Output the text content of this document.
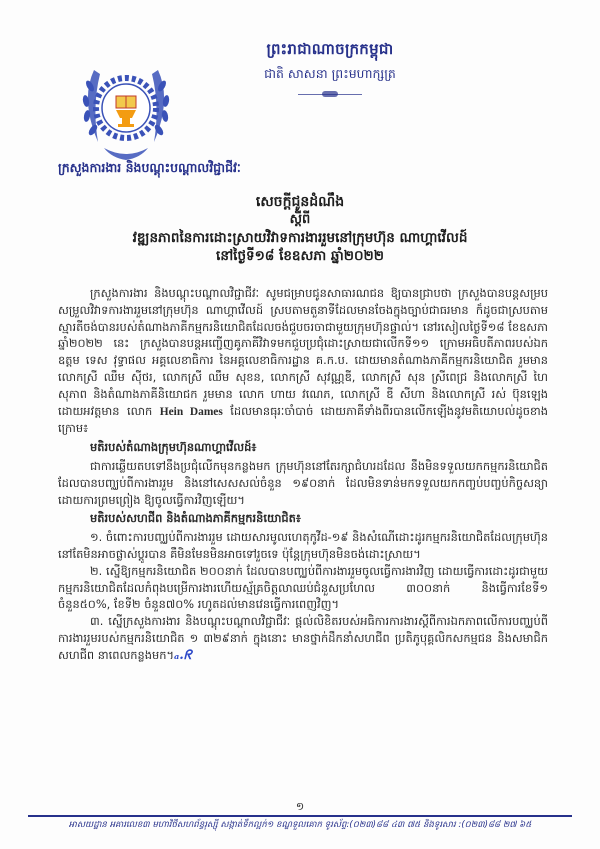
ព្រះរាជាណាចក្រកម្ពុជា
ជាតិ សាសនា ព្រះមហាក្សត្រ
ក្រសួងការងារ និងបណ្តុះបណ្តាលវិជ្ជាជីវៈ
សេចក្តីជូនដំណឹង
ស្តីពី
វឌ្ឍនភាពនៃការដោះស្រាយវិវាទការងាររួមនៅក្រុមហ៊ុន ណាហ្គាវើលដ៍
នៅថ្ងៃទី១៨ ខែឧសភា ឆ្នាំ២០២២

ក្រសួងការងារ និងបណ្តុះបណ្តាលវិជ្ជាជីវៈ សូមជម្រាបជូនសាធារណជន ឱ្យបានជ្រាបថា ក្រសួងបានបន្តសម្របសម្រួលវិវាទការងាររួមនៅក្រុមហ៊ុន ណាហ្គាវើលដ៍ ស្របតាមតួនាទីដែលមានចែងក្នុងច្បាប់ជាធរមាន ក៏ដូចជាស្របតាមស្មារតីចង់បានរបស់តំណាងភាគីកម្មករនិយោជិតដែលចង់ជួបចរចាជាមួយក្រុមហ៊ុនផ្ទាល់។ នៅរសៀលថ្ងៃទី១៨ ខែឧសភា ឆ្នាំ២០២២ នេះ ក្រសួងបានបន្តអញ្ជើញគូភាគីវិវាទមកជួបប្រជុំដោះស្រាយជាលើកទី១១ ក្រោមអធិបតីភាពរបស់ឯកឧត្តម ទេស វុទ្ធាផល អគ្គលេខាធិការ នៃអគ្គលេខាធិការដ្ឋាន គ.ក.ប. ដោយមានតំណាងភាគីកម្មករនិយោជិត រួមមាន លោកស្រី ឈឹម ស៊ីថរ, លោកស្រី ឈឹម សុខន, លោកស្រី សុវណ្ណឌី, លោកស្រី សុន ស្រីពេជ្រ និងលោកស្រី ហៃ សុភាព និងតំណាងភាគីនិយោជក រួមមាន លោក ហាយ វណេភ, លោកស្រី ឌី សីហា និងលោកស្រី រស់ ប៊ុនឡេង ដោយអវត្តមាន លោក Hein Dames ដែលមានធុរៈចាំបាច់ ដោយភាគីទាំងពីរបានលើកឡើងនូវមតិយោបល់ដូចខាងក្រោម៖

មតិរបស់តំណាងក្រុមហ៊ុនណាហ្គាវើលដ៍៖

ជាការឆ្លើយតបទៅនឹងប្រជុំលើកមុនកន្លងមក ក្រុមហ៊ុននៅតែរក្សាជំហរដដែល នឹងមិនទទួលយកកម្មករនិយោជិតដែលបានបញ្ឈប់ពីការងាររួម និងនៅសេសសល់ចំនួន ១៩០នាក់ ដែលមិនទាន់មកទទួលយកកញ្ចប់បញ្ចប់កិច្ចសន្យាដោយការព្រមព្រៀង ឱ្យចូលធ្វើការវិញឡើយ។

មតិរបស់សហជីព និងតំណាងភាគីកម្មករនិយោជិត៖

១. ចំពោះការបញ្ឈប់ពីការងាររួម ដោយសារមូលហេតុកូវីដ-១៩ និងសំណើដោះដូរកម្មករនិយោជិតដែលក្រុមហ៊ុននៅតែមិនអាចផ្លាស់ប្តូរបាន គឺមិនមែនមិនអាចទៅរួចទេ ប៉ុន្តែក្រុមហ៊ុនមិនចង់ដោះស្រាយ។

២. ស្នើឱ្យកម្មករនិយោជិត ២០០នាក់ ដែលបានបញ្ឈប់ពីការងាររួមចូលធ្វើការងារវិញ ដោយធ្វើការដោះដូរជាមួយកម្មករនិយោជិតដែលកំពុងបម្រើការងារហើយស្ម័គ្រចិត្តលាឈប់ជំនួសប្រហែល ៣០០នាក់ និងធ្វើការខែទី១ ចំនួន៥០%, ខែទី២ ចំនួន៧០% រហូតដល់មានវេនធ្វើការពេញវិញ។

៣. ស្នើក្រសួងការងារ និងបណ្តុះបណ្តាលវិជ្ជាជីវៈ ផ្តល់លិខិតរបស់អធិការការងារស្តីពីការឯកភាពលើការបញ្ឈប់ពីការងាររួមរបស់កម្មករនិយោជិត ១ ៣២៩នាក់ ក្នុងនោះ មានថ្នាក់ដឹកនាំសហជីព ប្រតិភូបុគ្គលិកសកម្មជន និងសមាជិកសហជីព នាពេលកន្លងមក។ₐ.ᖇ

១
អាសយដ្ឋាន អគារលេខ៣ មហាវិថីសហព័ន្ធរុស្ស៊ី សង្កាត់ទឹកល្អក់១ ខណ្ឌទួលគោក ទូរស័ព្ទ:(០២៣)៨៨ ៤៣ ៧៥ និងទូរសារ :(០២៣)៨៨ ២៧ ៦៥
